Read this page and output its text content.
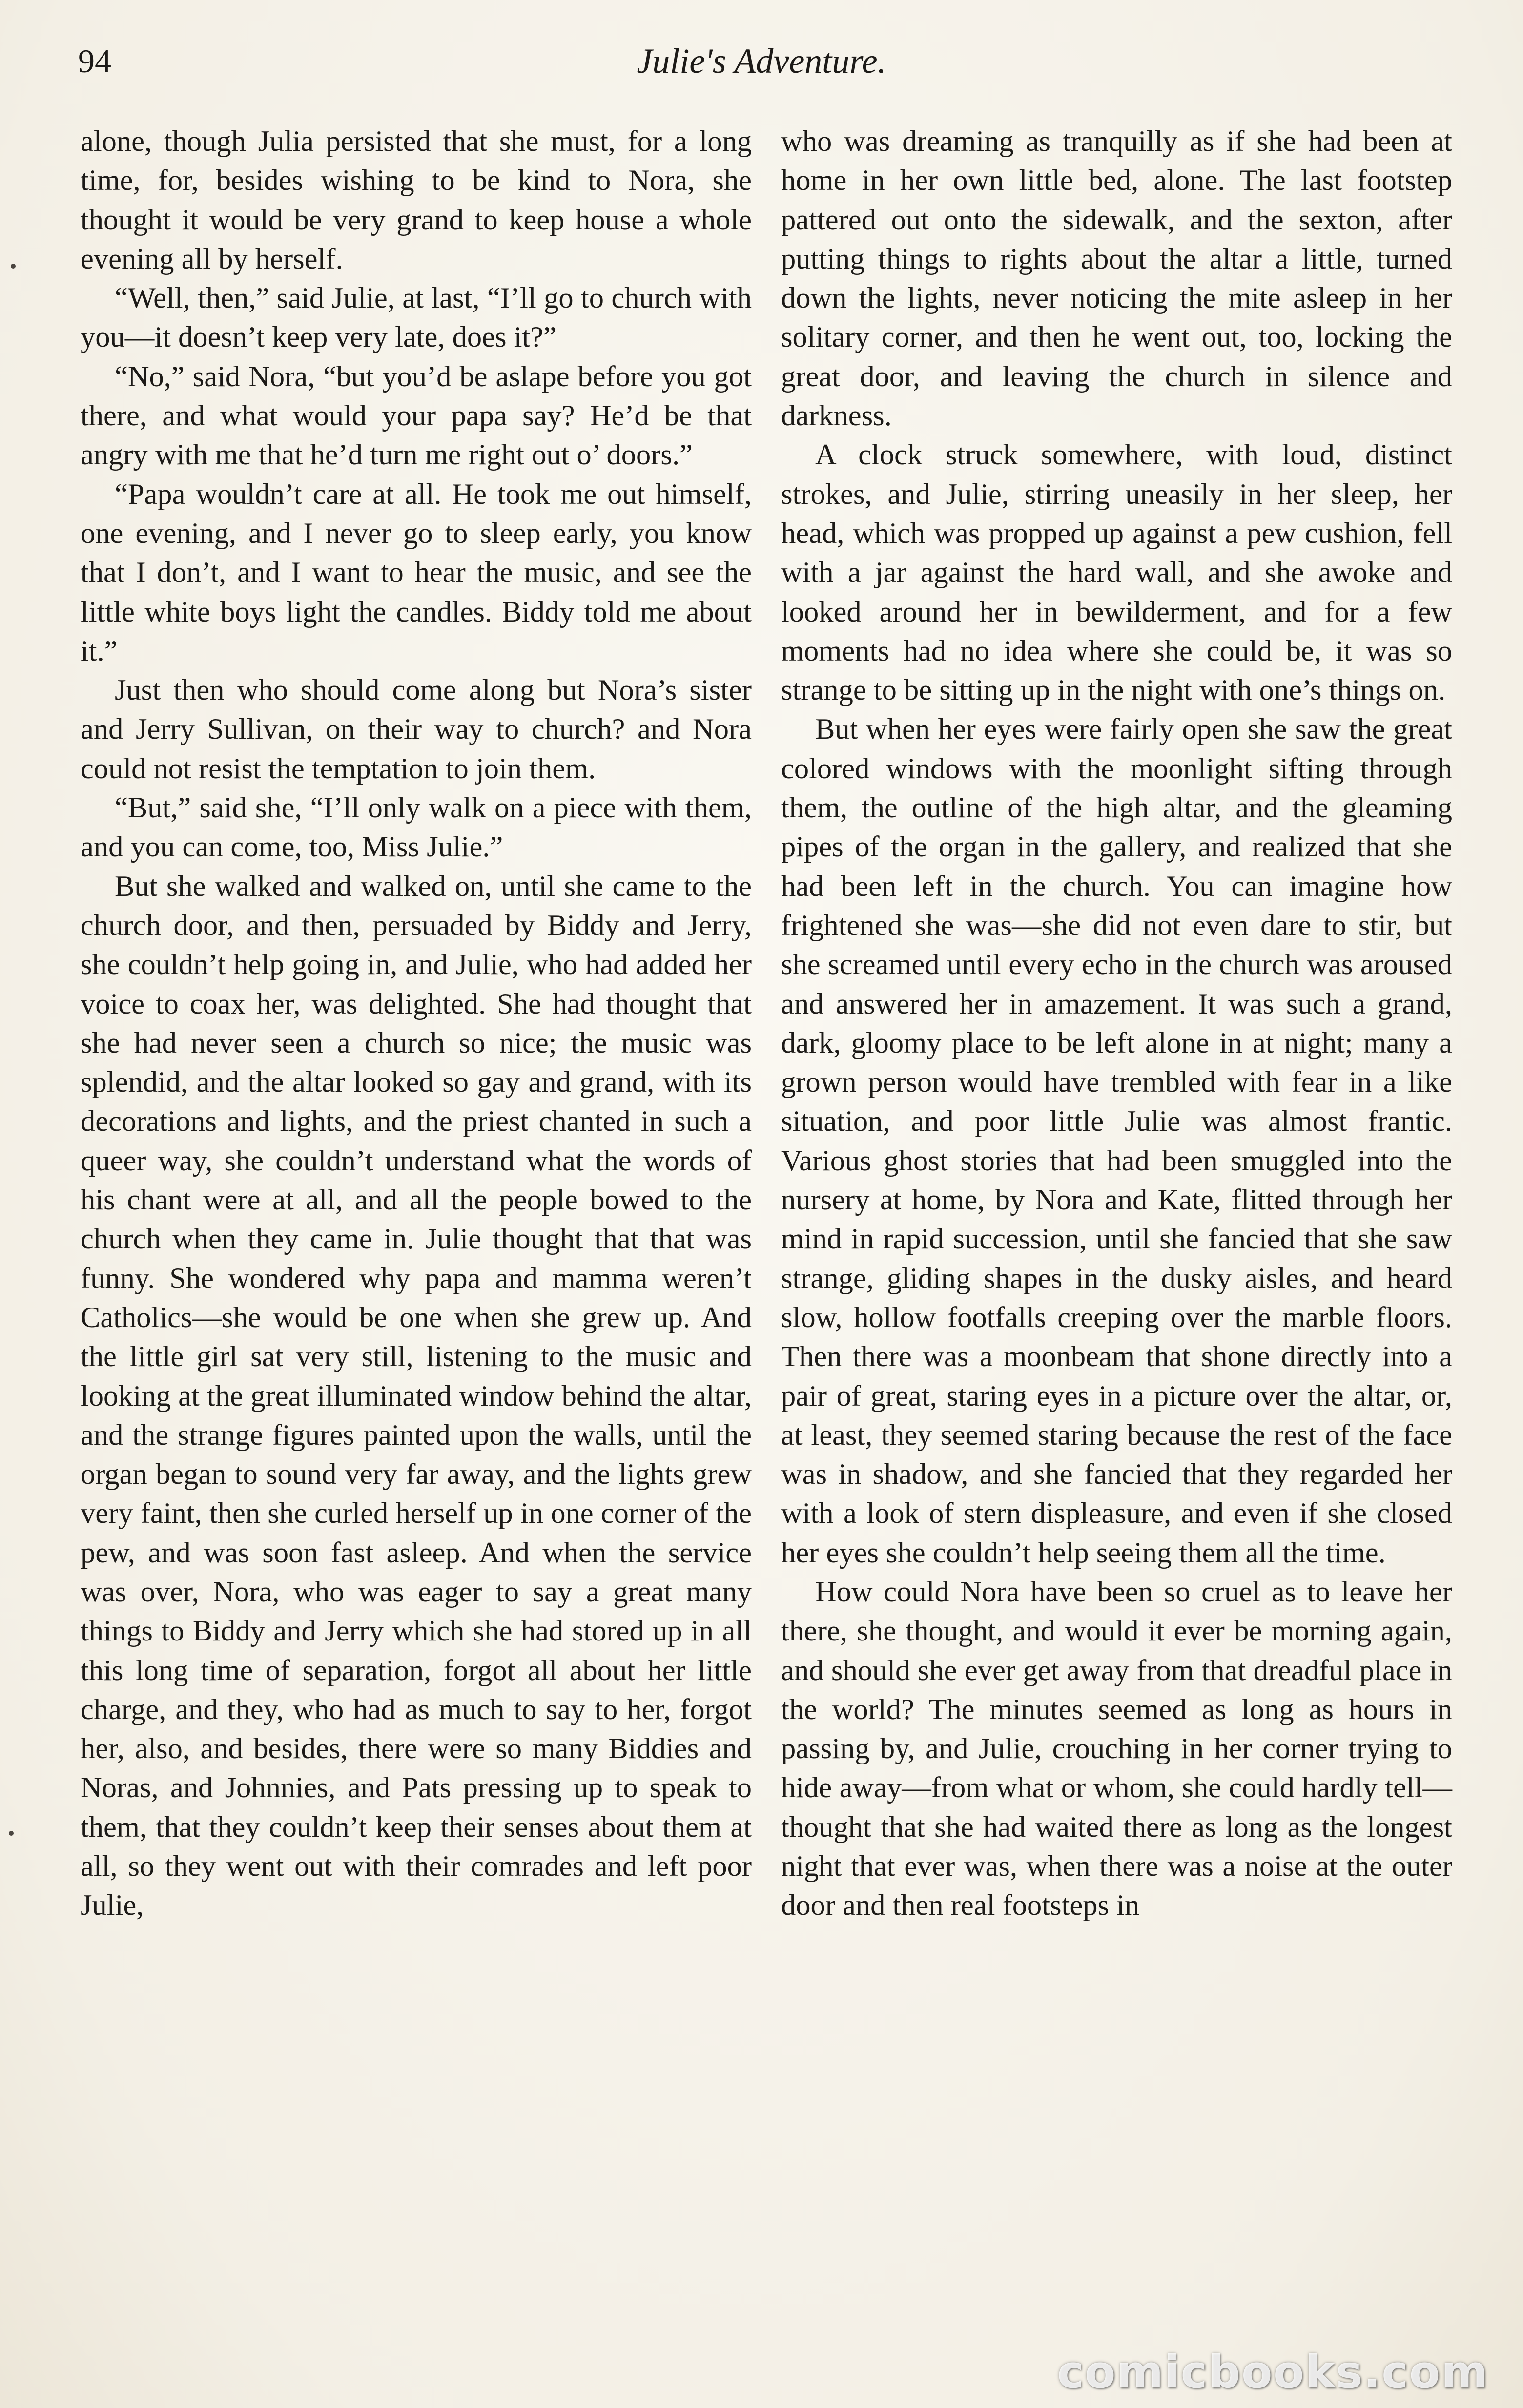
94	Julie's Adventure.

alone, though Julia persisted that she must, for a long time, for, besides wishing to be kind to Nora, she thought it would be very grand to keep house a whole evening all by herself.

“Well, then,” said Julie, at last, “I’ll go to church with you—it doesn’t keep very late, does it?”

“No,” said Nora, “but you’d be aslape before you got there, and what would your papa say? He’d be that angry with me that he’d turn me right out o’ doors.”

“Papa wouldn’t care at all. He took me out himself, one evening, and I never go to sleep early, you know that I don’t, and I want to hear the music, and see the little white boys light the candles. Biddy told me about it.”

Just then who should come along but Nora’s sister and Jerry Sullivan, on their way to church? and Nora could not resist the temptation to join them.

“But,” said she, “I’ll only walk on a piece with them, and you can come, too, Miss Julie.”

But she walked and walked on, until she came to the church door, and then, persuaded by Biddy and Jerry, she couldn’t help going in, and Julie, who had added her voice to coax her, was delighted. She had thought that she had never seen a church so nice; the music was splendid, and the altar looked so gay and grand, with its decorations and lights, and the priest chanted in such a queer way, she couldn’t understand what the words of his chant were at all, and all the people bowed to the church when they came in. Julie thought that that was funny. She wondered why papa and mamma weren’t Catholics—she would be one when she grew up. And the little girl sat very still, listening to the music and looking at the great illuminated window behind the altar, and the strange figures painted upon the walls, until the organ began to sound very far away, and the lights grew very faint, then she curled herself up in one corner of the pew, and was soon fast asleep. And when the service was over, Nora, who was eager to say a great many things to Biddy and Jerry which she had stored up in all this long time of separation, forgot all about her little charge, and they, who had as much to say to her, forgot her, also, and besides, there were so many Biddies and Noras, and Johnnies, and Pats pressing up to speak to them, that they couldn’t keep their senses about them at all, so they went out with their comrades and left poor Julie,

who was dreaming as tranquilly as if she had been at home in her own little bed, alone. The last footstep pattered out onto the sidewalk, and the sexton, after putting things to rights about the altar a little, turned down the lights, never noticing the mite asleep in her solitary corner, and then he went out, too, locking the great door, and leaving the church in silence and darkness.

A clock struck somewhere, with loud, distinct strokes, and Julie, stirring uneasily in her sleep, her head, which was propped up against a pew cushion, fell with a jar against the hard wall, and she awoke and looked around her in bewilderment, and for a few moments had no idea where she could be, it was so strange to be sitting up in the night with one’s things on.

But when her eyes were fairly open she saw the great colored windows with the moonlight sifting through them, the outline of the high altar, and the gleaming pipes of the organ in the gallery, and realized that she had been left in the church. You can imagine how frightened she was—she did not even dare to stir, but she screamed until every echo in the church was aroused and answered her in amazement. It was such a grand, dark, gloomy place to be left alone in at night; many a grown person would have trembled with fear in a like situation, and poor little Julie was almost frantic. Various ghost stories that had been smuggled into the nursery at home, by Nora and Kate, flitted through her mind in rapid succession, until she fancied that she saw strange, gliding shapes in the dusky aisles, and heard slow, hollow footfalls creeping over the marble floors. Then there was a moonbeam that shone directly into a pair of great, staring eyes in a picture over the altar, or, at least, they seemed staring because the rest of the face was in shadow, and she fancied that they regarded her with a look of stern displeasure, and even if she closed her eyes she couldn’t help seeing them all the time.

How could Nora have been so cruel as to leave her there, she thought, and would it ever be morning again, and should she ever get away from that dreadful place in the world? The minutes seemed as long as hours in passing by, and Julie, crouching in her corner trying to hide away—from what or whom, she could hardly tell—thought that she had waited there as long as the longest night that ever was, when there was a noise at the outer door and then real footsteps in

comicbooks.com
